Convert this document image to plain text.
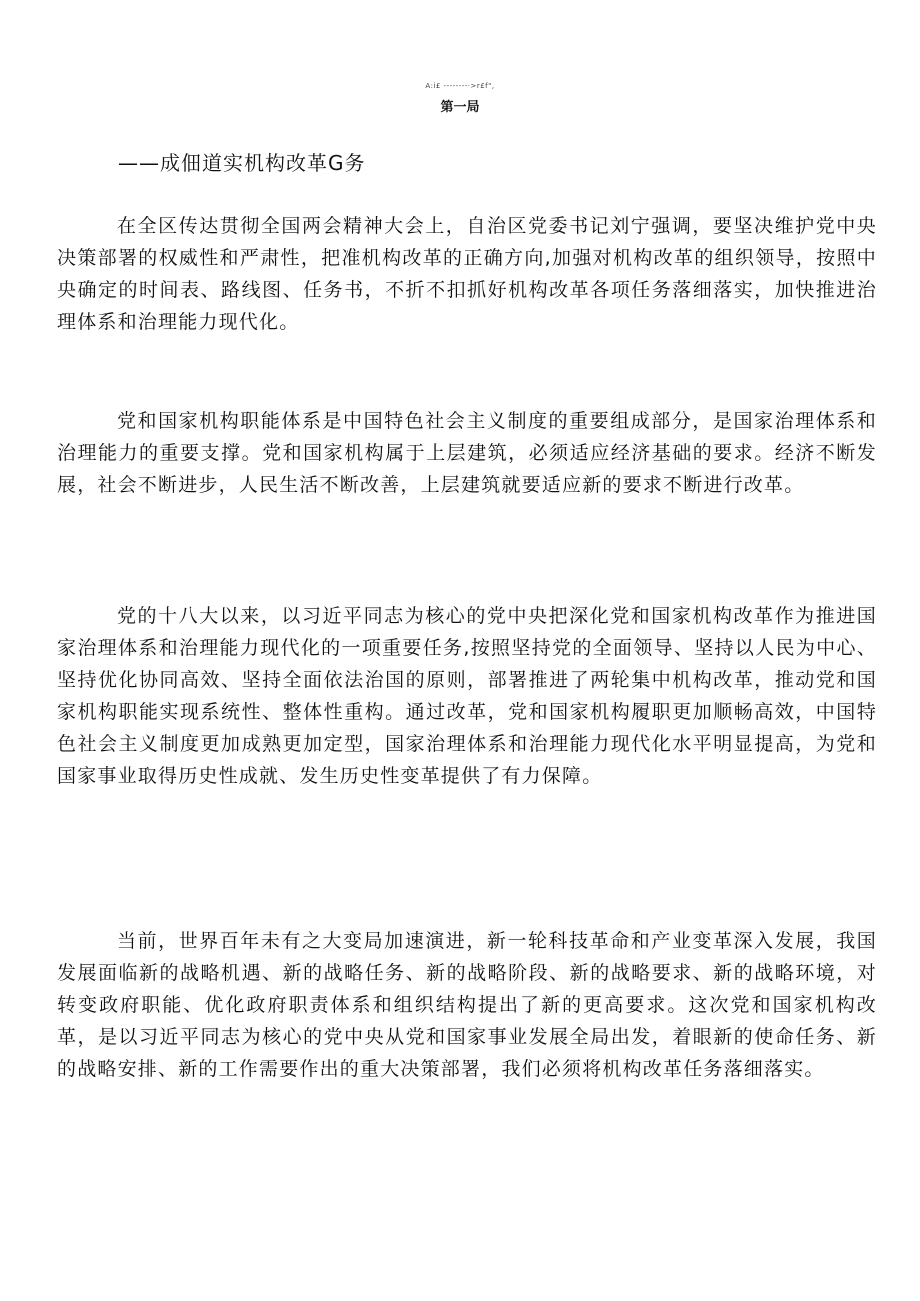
A:i£ --------·>r£f",
第一局
——成佃道实机构改革G务

在全区传达贯彻全国两会精神大会上，自治区党委书记刘宁强调，要坚决维护党中央决策部署的权威性和严肃性，把准机构改革的正确方向,加强对机构改革的组织领导，按照中央确定的时间表、路线图、任务书，不折不扣抓好机构改革各项任务落细落实，加快推进治理体系和治理能力现代化。

党和国家机构职能体系是中国特色社会主义制度的重要组成部分，是国家治理体系和治理能力的重要支撑。党和国家机构属于上层建筑，必须适应经济基础的要求。经济不断发展，社会不断进步，人民生活不断改善，上层建筑就要适应新的要求不断进行改革。

党的十八大以来，以习近平同志为核心的党中央把深化党和国家机构改革作为推进国家治理体系和治理能力现代化的一项重要任务,按照坚持党的全面领导、坚持以人民为中心、坚持优化协同高效、坚持全面依法治国的原则，部署推进了两轮集中机构改革，推动党和国家机构职能实现系统性、整体性重构。通过改革，党和国家机构履职更加顺畅高效，中国特色社会主义制度更加成熟更加定型，国家治理体系和治理能力现代化水平明显提高，为党和国家事业取得历史性成就、发生历史性变革提供了有力保障。

当前，世界百年未有之大变局加速演进，新一轮科技革命和产业变革深入发展，我国发展面临新的战略机遇、新的战略任务、新的战略阶段、新的战略要求、新的战略环境，对转变政府职能、优化政府职责体系和组织结构提出了新的更高要求。这次党和国家机构改革，是以习近平同志为核心的党中央从党和国家事业发展全局出发，着眼新的使命任务、新的战略安排、新的工作需要作出的重大决策部署，我们必须将机构改革任务落细落实。
